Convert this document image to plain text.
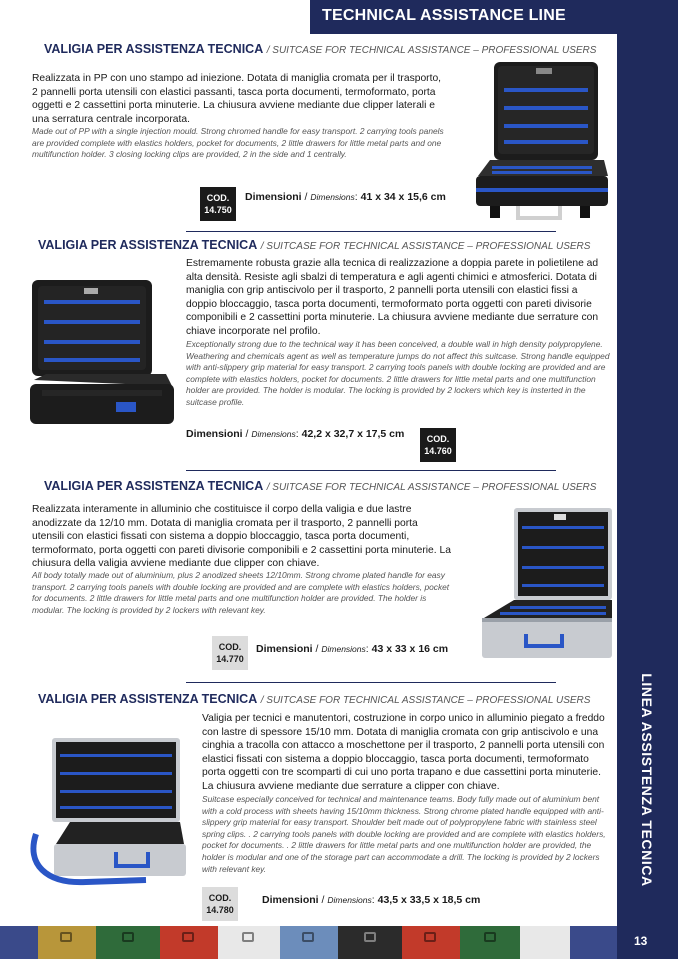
TECHNICAL ASSISTANCE LINE
LINEA ASSISTENZA TECNICA
13
VALIGIA PER ASSISTENZA TECNICA / SUITCASE FOR TECHNICAL ASSISTANCE – PROFESSIONAL USERS
Realizzata in PP con uno stampo ad iniezione. Dotata di maniglia cromata per il trasporto, 2 pannelli porta utensili con elastici passanti, tasca porta documenti, termoformato, porta oggetti e 2 cassettini porta minuterie. La chiusura avviene mediante due clipper laterali e una serratura centrale incorporata.
Made out of PP with a single injection mould. Strong chromed handle for easy transport. 2 carrying tools panels are provided complete with elastics holders, pocket for documents, 2 little drawers for little metal parts and one multifunction holder. 3 closing locking clips are provided, 2 in the side and 1 centrally.
COD.
14.750
Dimensioni / Dimensions: 41 x 34 x 15,6 cm
VALIGIA PER ASSISTENZA TECNICA / SUITCASE FOR TECHNICAL ASSISTANCE – PROFESSIONAL USERS
Estremamente robusta grazie alla tecnica di realizzazione a doppia parete in polietilene ad alta densità. Resiste agli sbalzi di temperatura e agli agenti chimici e atmosferici. Dotata di maniglia con grip antiscivolo per il trasporto, 2 pannelli porta utensili con elastici fissi a doppio bloccaggio, tasca porta documenti, termoformato porta oggetti con pareti divisorie componibili e 2 cassettini porta minuterie. La chiusura avviene mediante due serrature con chiave incorporate nel profilo.
Exceptionally strong due to the technical way it has been conceived, a double wall in high density polypropylene. Weathering and chemicals agent as well as temperature jumps do not affect this suitcase. Strong handle equipped with anti-slippery grip material for easy transport. 2 carrying tools panels with double locking are provided and are complete with elastics holders, pocket for documents. 2 little drawers for little metal parts and one multifunction holder are provided. The holder is modular. The locking is provided by 2 lockers which key is insterted in the suitcase profile.
Dimensioni / Dimensions: 42,2 x 32,7 x 17,5 cm	COD.
14.760
VALIGIA PER ASSISTENZA TECNICA / SUITCASE FOR TECHNICAL ASSISTANCE – PROFESSIONAL USERS
Realizzata interamente in alluminio che costituisce il corpo della valigia e due lastre anodizzate da 12/10 mm. Dotata di maniglia cromata per il trasporto, 2 pannelli porta utensili con elastici fissati con sistema a doppio bloccaggio, tasca porta documenti, termoformato, porta oggetti con pareti divisorie componibili e 2 cassettini porta minuterie. La chiusura della valigia avviene mediante due clipper con chiave.
All body totally made out of aluminium, plus 2 anodized sheets 12/10mm. Strong chrome plated handle for easy transport. 2 carrying tools panels with double locking are provided and are complete with elastics holders, pocket for documents. 2 little drawers for little metal parts and one multifunction holder are provided. The holder is modular. The locking is provided by 2 lockers with relevant key.
COD.
14.770
Dimensioni / Dimensions: 43 x 33 x 16 cm
VALIGIA PER ASSISTENZA TECNICA / SUITCASE FOR TECHNICAL ASSISTANCE – PROFESSIONAL USERS
Valigia per tecnici e manutentori, costruzione in corpo unico in alluminio piegato a freddo con lastre di spessore 15/10 mm. Dotata di maniglia cromata con grip antiscivolo e una cinghia a tracolla con attacco a moschettone per il trasporto, 2 pannelli porta utensili con elastici fissati con sistema a doppio bloccaggio, tasca porta documenti, termoformato porta oggetti con tre scomparti di cui uno porta trapano e due cassettini porta minuterie. La chiusura avviene mediante due serrature a clipper con chiave.
Suitcase especially conceived for technical and maintenance teams. Body fully made out of aluminium bent with a cold process with sheets having 15/10mm thickness. Strong chrome plated handle equipped with anti-slippery grip material for easy transport. Shoulder belt made out of polypropylene fabric with stainless steel spring clips. . 2 carrying tools panels with double locking are provided and are complete with elastics holders, pocket for documents. . 2 little drawers for little metal parts and one multifunction holder are provided, the holder is modular and one of the storage part can accommodate a drill. The locking is provided by 2 lockers with relevant key.
COD.
14.780
Dimensioni / Dimensions: 43,5 x 33,5 x 18,5 cm
